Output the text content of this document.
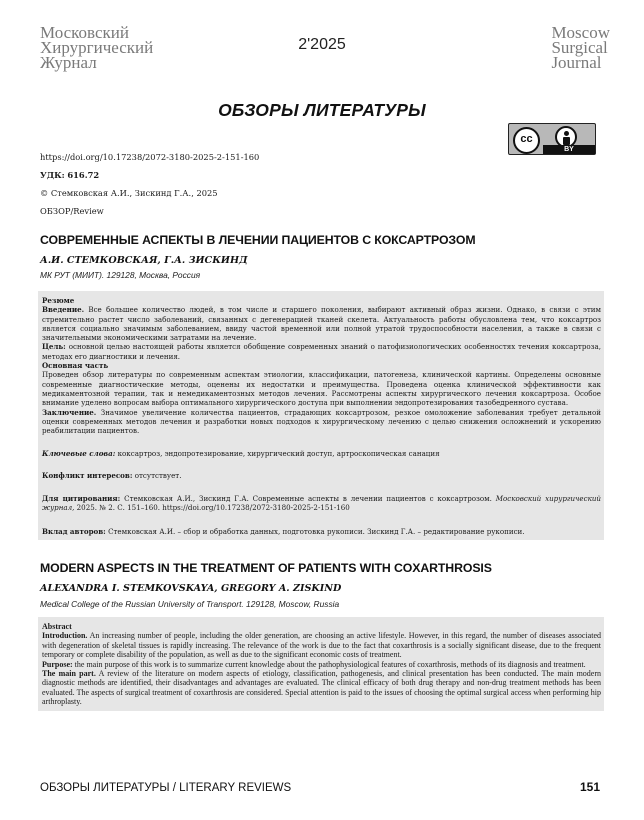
Московский
Хирургический
Журнал
2'2025
Moscow
Surgical
Journal
ОБЗОРЫ ЛИТЕРАТУРЫ
cc
BY
https://doi.org/10.17238/2072-3180-2025-2-151-160
УДК: 616.72
© Стемковская А.И., Зискинд Г.А., 2025
ОБЗОР/Review
СОВРЕМЕННЫЕ АСПЕКТЫ В ЛЕЧЕНИИ ПАЦИЕНТОВ С КОКСАРТРОЗОМ
А.И. СТЕМКОВСКАЯ, Г.А. ЗИСКИНД
МК РУТ (МИИТ). 129128, Москва, Россия
Резюме

Введение. Все большее количество людей, в том числе и старшего поколения, выбирают активный образ жизни. Однако, в связи с этим стремительно растет число заболеваний, связанных с дегенерацией тканей скелета. Актуальность работы обусловлена тем, что коксартроз является социально значимым заболеванием, ввиду частой временной или полной утратой трудоспособности населения, а также в связи с значительными экономическими затратами на лечение.

Цель: основной целью настоящей работы является обобщение современных знаний о патофизиологических особенностях течения коксартроза, методах его диагностики и лечения.

Основная часть

Проведен обзор литературы по современным аспектам этиологии, классификации, патогенеза, клинической картины. Определены основные современные диагностические методы, оценены их недостатки и преимущества. Проведена оценка клинической эффективности как медикаментозной терапии, так и немедикаментозных методов лечения. Рассмотрены аспекты хирургического лечения коксартроза. Особое внимание уделено вопросам выбора оптимального хирургического доступа при выполнении эндопротезирования тазобедренного сустава.

Заключение. Значимое увеличение количества пациентов, страдающих коксартрозом, резкое омоложение заболевания требует детальной оценки современных методов лечения и разработки новых подходов к хирургическому лечению с целью снижения осложнений и ускорению реабилитации пациентов.

Ключевые слова: коксартроз, эндопротезирование, хирургический доступ, артроскопическая санация

Конфликт интересов: отсутствует.

Для цитирования: Стемковская А.И., Зискинд Г.А. Современные аспекты в лечении пациентов с коксартрозом. Московский хирургический журнал, 2025. № 2. С. 151–160. https://doi.org/10.17238/2072-3180-2025-2-151-160

Вклад авторов: Стемковская А.И. – сбор и обработка данных, подготовка рукописи. Зискинд Г.А. – редактирование рукописи.

MODERN ASPECTS IN THE TREATMENT OF PATIENTS WITH COXARTHROSIS
ALEXANDRA I. STEMKOVSKAYA, GREGORY A. ZISKIND
Medical College of the Russian University of Transport. 129128, Moscow, Russia
Abstract

Introduction. An increasing number of people, including the older generation, are choosing an active lifestyle. However, in this regard, the number of diseases associated with degeneration of skeletal tissues is rapidly increasing. The relevance of the work is due to the fact that coxarthrosis is a socially significant disease, due to the frequent temporary or complete disability of the population, as well as due to the significant economic costs of treatment.

Purpose: the main purpose of this work is to summarize current knowledge about the pathophysiological features of coxarthrosis, methods of its diagnosis and treatment.

The main part. A review of the literature on modern aspects of etiology, classification, pathogenesis, and clinical presentation has been conducted. The main modern diagnostic methods are identified, their disadvantages and advantages are evaluated. The clinical efficacy of both drug therapy and non-drug treatment methods has been evaluated. The aspects of surgical treatment of coxarthrosis are considered. Special attention is paid to the issues of choosing the optimal surgical access when performing hip arthroplasty.

ОБЗОРЫ ЛИТЕРАТУРЫ / LITERARY REVIEWS	151
